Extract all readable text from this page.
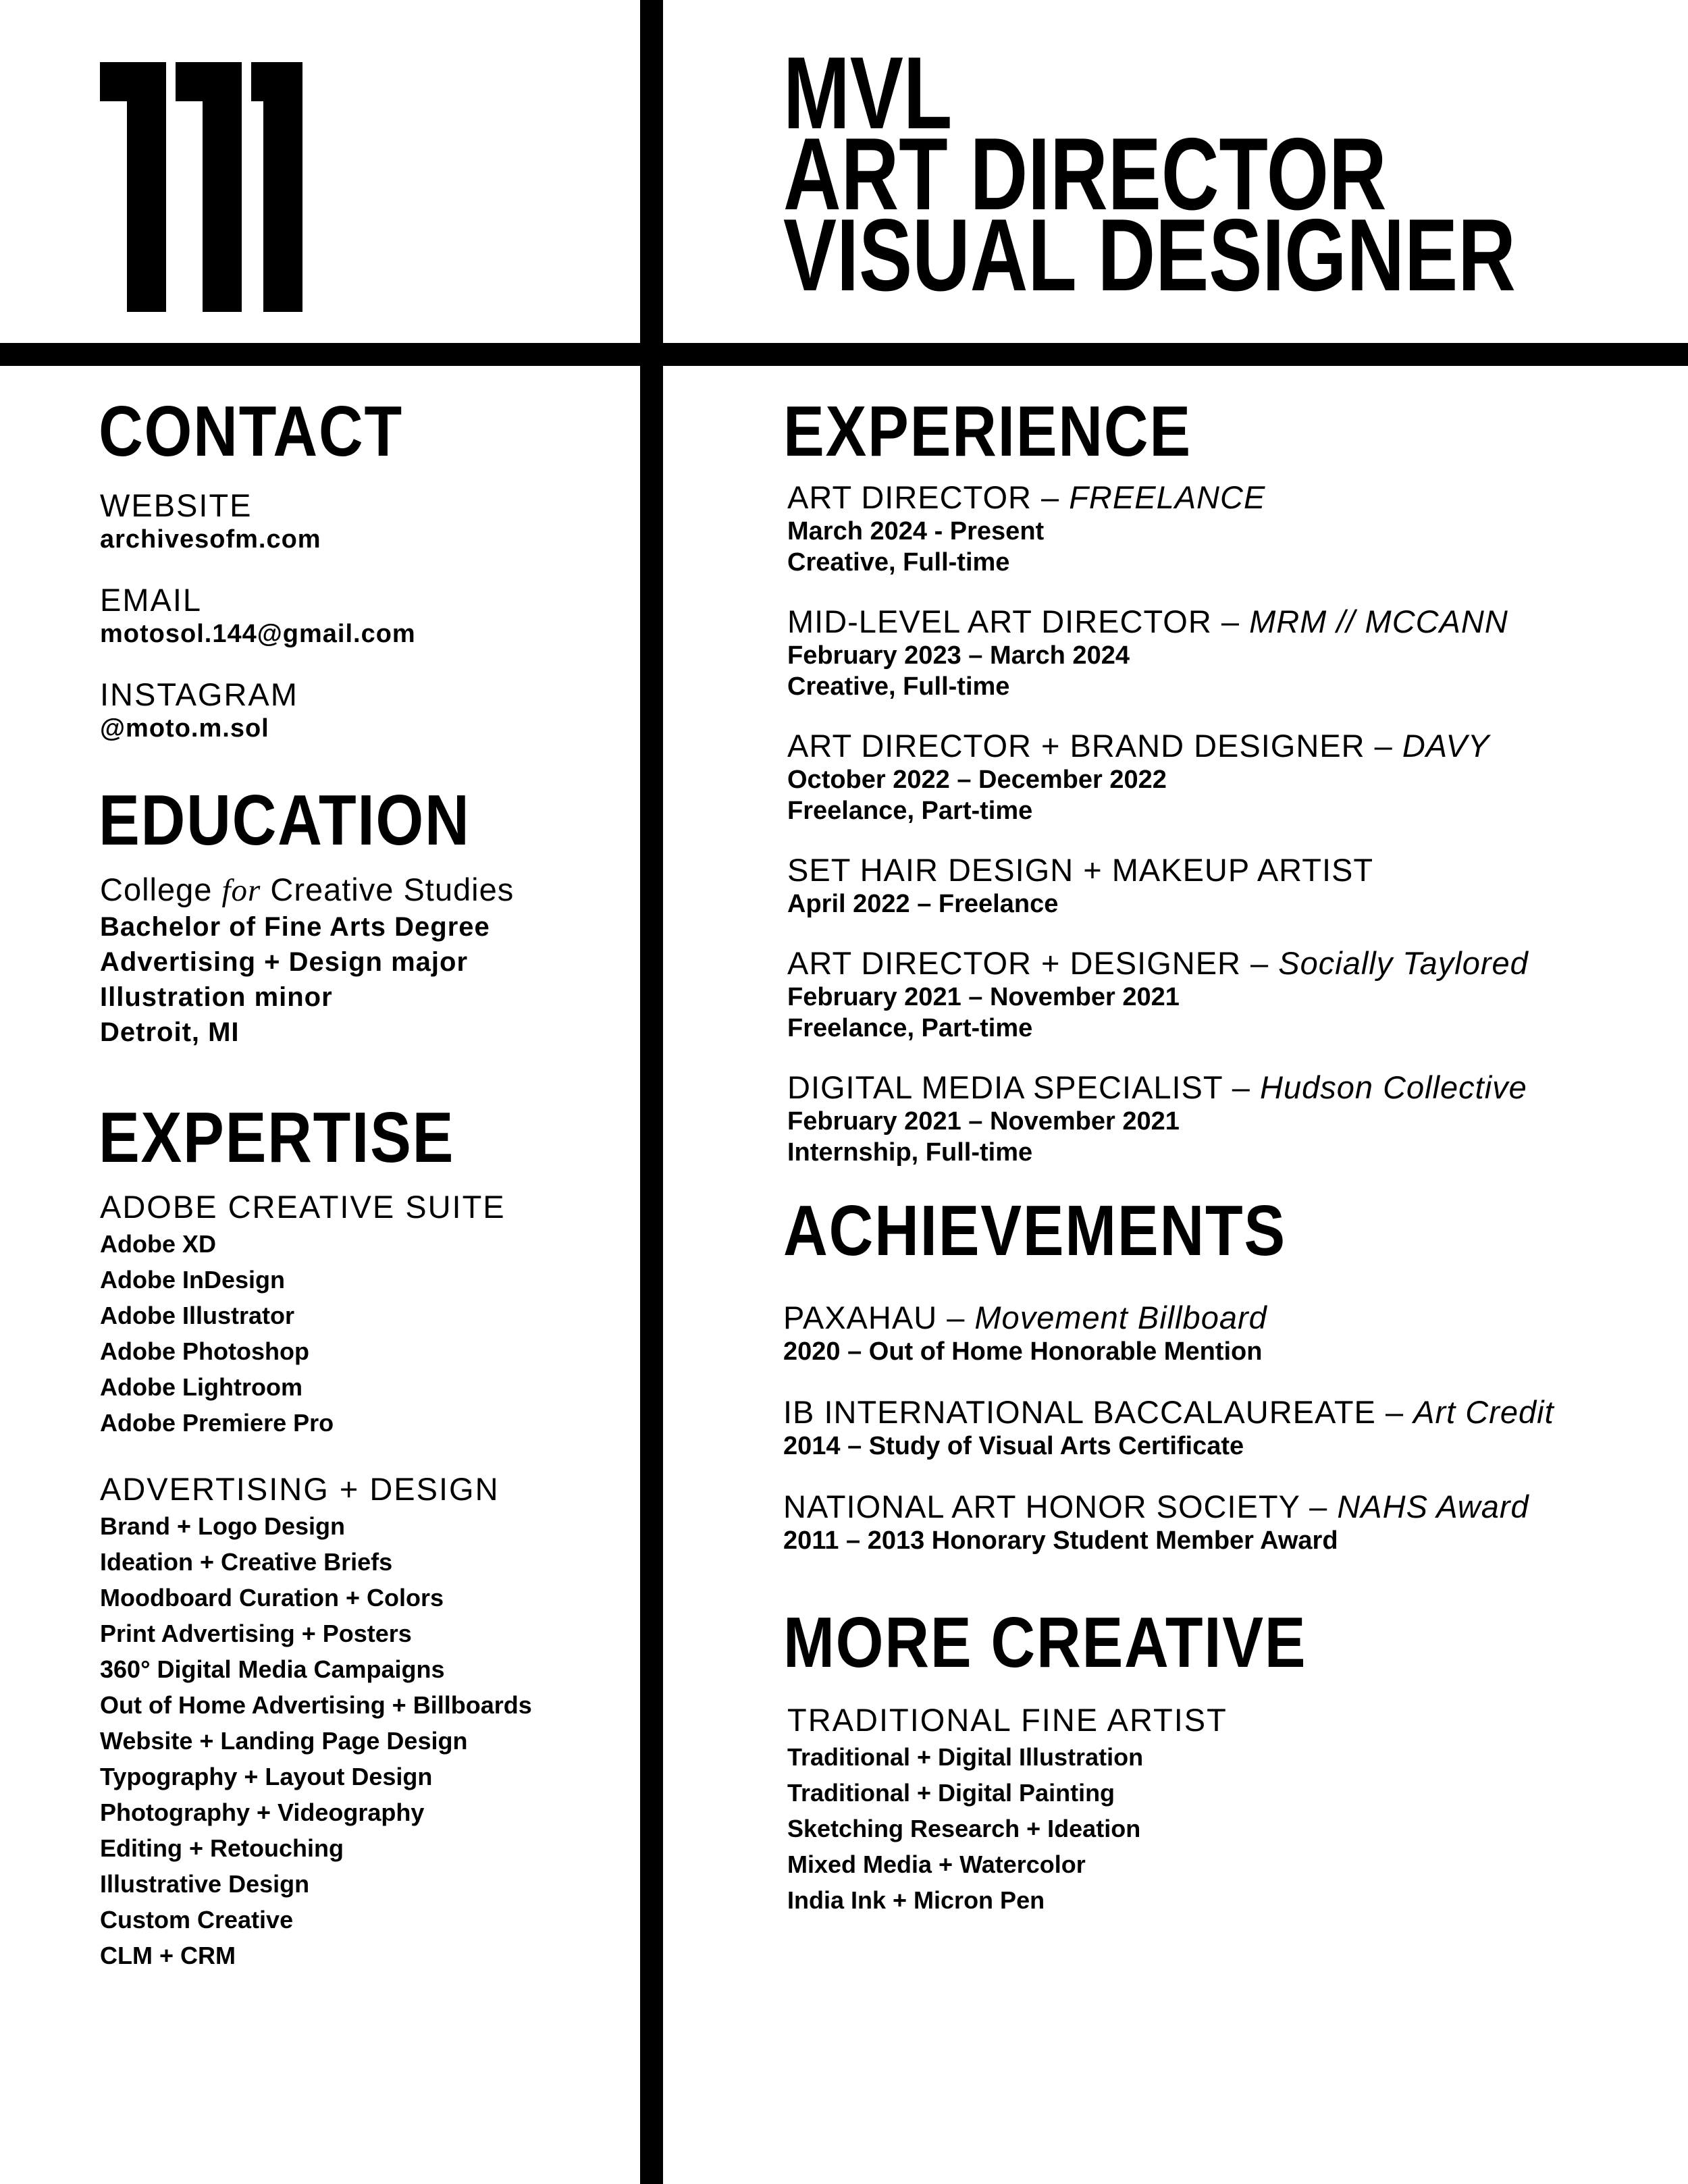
MVL
ART DIRECTOR
VISUAL DESIGNER
CONTACT
WEBSITE
archivesofm.com
EMAIL
motosol.144@gmail.com
INSTAGRAM
@moto.m.sol
EDUCATION
College for Creative Studies
Bachelor of Fine Arts Degree
Advertising + Design major
Illustration minor
Detroit, MI
EXPERTISE
ADOBE CREATIVE SUITE
Adobe XD
Adobe InDesign
Adobe Illustrator
Adobe Photoshop
Adobe Lightroom
Adobe Premiere Pro
ADVERTISING + DESIGN
Brand + Logo Design
Ideation + Creative Briefs
Moodboard Curation + Colors
Print Advertising + Posters
360° Digital Media Campaigns
Out of Home Advertising + Billboards
Website + Landing Page Design
Typography + Layout Design
Photography + Videography
Editing + Retouching
Illustrative Design
Custom Creative
CLM + CRM
EXPERIENCE
ART DIRECTOR – FREELANCE
March 2024 - Present
Creative, Full-time
MID-LEVEL ART DIRECTOR – MRM // MCCANN
February 2023 – March 2024
Creative, Full-time
ART DIRECTOR + BRAND DESIGNER – DAVY
October 2022 – December 2022
Freelance, Part-time
SET HAIR DESIGN + MAKEUP ARTIST
April 2022 – Freelance
ART DIRECTOR + DESIGNER – Socially Taylored
February 2021 – November 2021
Freelance, Part-time
DIGITAL MEDIA SPECIALIST – Hudson Collective
February 2021 – November 2021
Internship, Full-time
ACHIEVEMENTS
PAXAHAU – Movement Billboard
2020 – Out of Home Honorable Mention
IB INTERNATIONAL BACCALAUREATE – Art Credit
2014 – Study of Visual Arts Certificate
NATIONAL ART HONOR SOCIETY – NAHS Award
2011 – 2013 Honorary Student Member Award
MORE CREATIVE
TRADITIONAL FINE ARTIST
Traditional + Digital Illustration
Traditional + Digital Painting
Sketching Research + Ideation
Mixed Media + Watercolor
India Ink + Micron Pen
